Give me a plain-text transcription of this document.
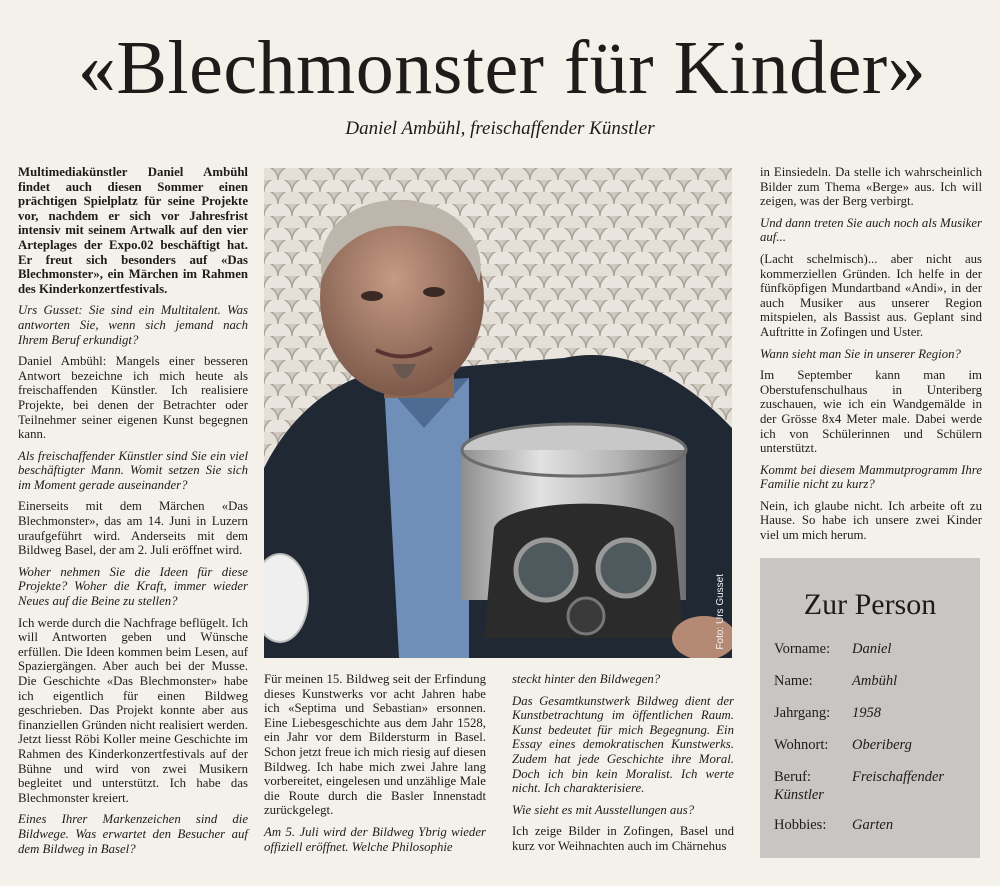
«Blechmonster für Kinder»
Daniel Ambühl, freischaffender Künstler

Multimediakünstler Daniel Ambühl findet auch diesen Sommer einen prächtigen Spielplatz für seine Projekte vor, nachdem er sich vor Jahresfrist intensiv mit seinem Artwalk auf den vier Arteplages der Expo.02 beschäftigt hat. Er freut sich besonders auf «Das Blechmonster», ein Märchen im Rahmen des Kinderkonzertfestivals.

Urs Gusset: Sie sind ein Multitalent. Was antworten Sie, wenn sich jemand nach Ihrem Beruf erkundigt?

Daniel Ambühl: Mangels einer besseren Antwort bezeichne ich mich heute als freischaffenden Künstler. Ich realisiere Projekte, bei denen der Betrachter oder Teilnehmer seiner eigenen Kunst begegnen kann.

Als freischaffender Künstler sind Sie ein viel beschäftigter Mann. Womit setzen Sie sich im Moment gerade auseinander?

Einerseits mit dem Märchen «Das Blechmonster», das am 14. Juni in Luzern uraufgeführt wird. Anderseits mit dem Bildweg Basel, der am 2. Juli eröffnet wird.

Woher nehmen Sie die Ideen für diese Projekte? Woher die Kraft, immer wieder Neues auf die Beine zu stellen?

Ich werde durch die Nachfrage beflügelt. Ich will Antworten geben und Wünsche erfüllen. Die Ideen kommen beim Lesen, auf Spaziergängen. Aber auch bei der Musse. Die Geschichte «Das Blechmonster» habe ich eigentlich für einen Bildweg geschrieben. Das Projekt konnte aber aus finanziellen Gründen nicht realisiert werden. Jetzt liesst Röbi Koller meine Geschichte im Rahmen des Kinderkonzertfestivals auf der Bühne und wird von zwei Musikern begleitet und unterstützt. Ich habe das Blechmonster kreiert.

Eines Ihrer Markenzeichen sind die Bildwege. Was erwartet den Besucher auf dem Bildweg in Basel?

Foto: Urs Gusset

Für meinen 15. Bildweg seit der Erfindung dieses Kunstwerks vor acht Jahren habe ich «Septima und Sebastian» ersonnen. Eine Liebesgeschichte aus dem Jahr 1528, ein Jahr vor dem Bildersturm in Basel. Schon jetzt freue ich mich riesig auf diesen Bildweg. Ich habe mich zwei Jahre lang vorbereitet, eingelesen und unzählige Male die Route durch die Basler Innenstadt zurückgelegt.

Am 5. Juli wird der Bildweg Ybrig wieder offiziell eröffnet. Welche Philosophie

steckt hinter den Bildwegen?

Das Gesamtkunstwerk Bildweg dient der Kunstbetrachtung im öffentlichen Raum. Kunst bedeutet für mich Begegnung. Ein Essay eines demokratischen Kunstwerks. Zudem hat jede Geschichte ihre Moral. Doch ich bin kein Moralist. Ich werte nicht. Ich charakterisiere.

Wie sieht es mit Ausstellungen aus?

Ich zeige Bilder in Zofingen, Basel und kurz vor Weihnachten auch im Chärnehus

in Einsiedeln. Da stelle ich wahrscheinlich Bilder zum Thema «Berge» aus. Ich will zeigen, was der Berg verbirgt.

Und dann treten Sie auch noch als Musiker auf...

(Lacht schelmisch)... aber nicht aus kommerziellen Gründen. Ich helfe in der fünfköpfigen Mundartband «Andi», in der auch Musiker aus unserer Region mitspielen, als Bassist aus. Geplant sind Auftritte in Zofingen und Uster.

Wann sieht man Sie in unserer Region?

Im September kann man im Oberstufenschulhaus in Unteriberg zuschauen, wie ich ein Wandgemälde in der Grösse 8x4 Meter male. Dabei werde ich von Schülerinnen und Schülern unterstützt.

Kommt bei diesem Mammutprogramm Ihre Familie nicht zu kurz?

Nein, ich glaube nicht. Ich arbeite oft zu Hause. So habe ich unsere zwei Kinder viel um mich herum.

Zur Person
Vorname:	Daniel
Name:	Ambühl
Jahrgang:	1958
Wohnort:	Oberiberg
Beruf:	Freischaffender
Künstler
Hobbies:	Garten
